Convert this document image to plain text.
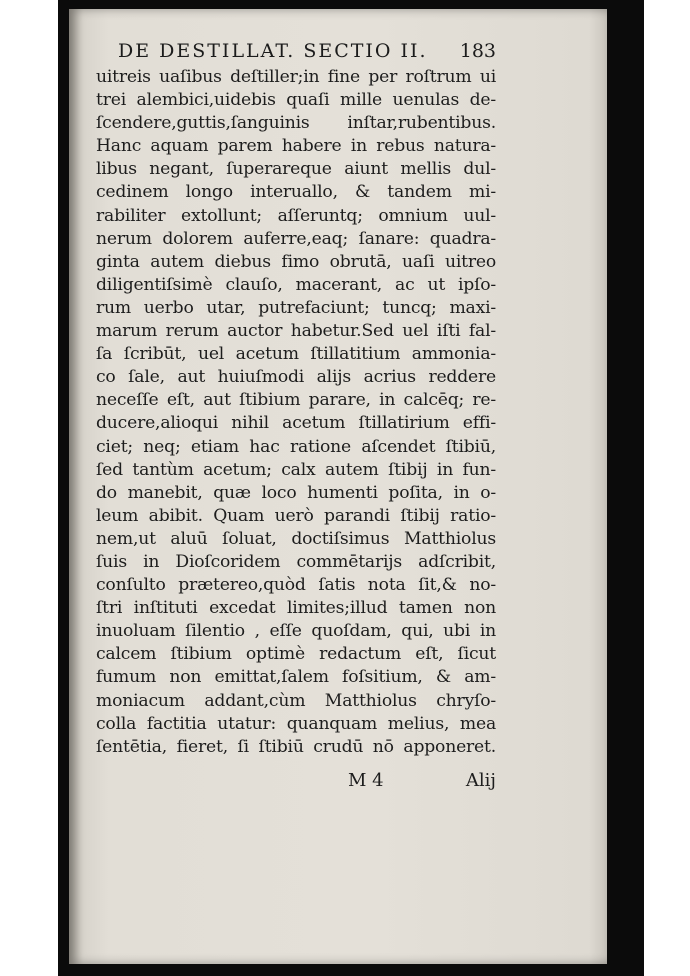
DE DESTILLAT. SECTIO II. 183
uitreis uaſibus deſtiller;in fine per roſtrum ui
trei alembici,uidebis quaſi mille uenulas de-
ſcendere,guttis,ſanguinis inſtar,rubentibus.
Hanc aquam parem habere in rebus natura-
libus negant, ſuperareque aiunt mellis dul-
cedinem longo interuallo, & tandem mi-
rabiliter extollunt; aſſeruntq; omnium uul-
nerum dolorem auferre,eaq; ſanare: quadra-
ginta autem diebus fimo obrutā, uaſi uitreo
diligentiſsimè clauſo, macerant, ac ut ipſo-
rum uerbo utar, putrefaciunt; tuncq; maxi-
marum rerum auctor habetur.Sed uel iſti fal-
ſa ſcribūt, uel acetum ſtillatitium ammonia-
co ſale, aut huiuſmodi alijs acrius reddere
neceſſe eſt, aut ſtibium parare, in calcēq; re-
ducere,alioqui nihil acetum ſtillatirium effi-
ciet; neq; etiam hac ratione aſcendet ſtibiū,
ſed tantùm acetum; calx autem ſtibij in fun-
do manebit, quæ loco humenti poſita, in o-
leum abibit. Quam uerò parandi ſtibij ratio-
nem,ut aluū ſoluat, doctiſsimus Matthiolus
ſuis in Dioſcoridem commētarijs adſcribit,
conſulto prætereo,quòd ſatis nota ſit,& no-
ſtri inſtituti excedat limites;illud tamen non
inuoluam ſilentio , eſſe quoſdam, qui, ubi in
calcem ſtibium optimè redactum eſt, ſicut
fumum non emittat,ſalem foſsitium, & am-
moniacum addant,cùm Matthiolus chryſo-
colla factitia utatur: quanquam melius, mea
ſentētia, fieret, ſi ſtibiū crudū nō apponeret.
M 4	Alij
